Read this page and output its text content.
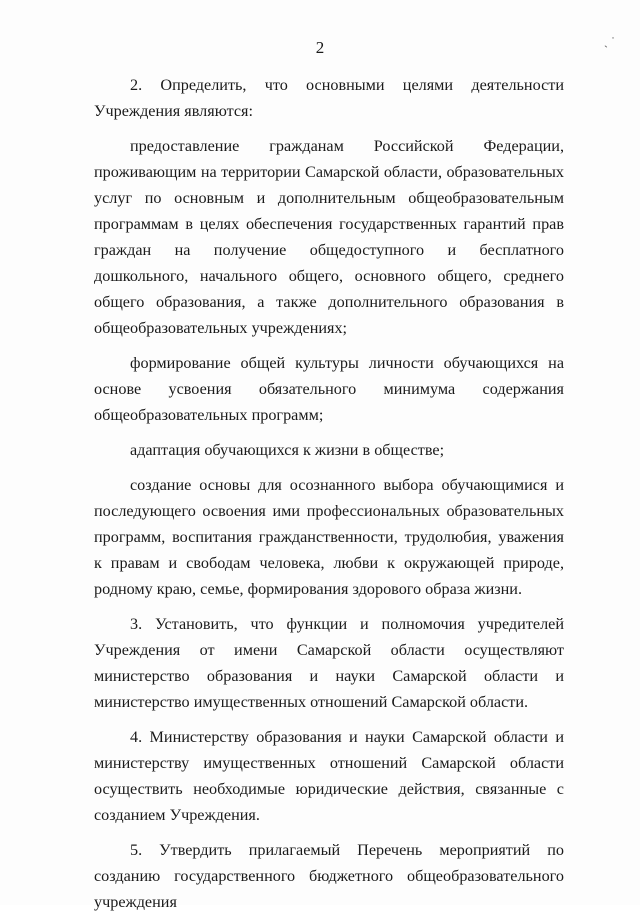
2	ˎ ˙

2. Определить, что основными целями деятельности Учреждения являются:

предоставление гражданам Российской Федерации, проживающим на территории Самарской области, образовательных услуг по основным и дополнительным общеобразовательным программам в целях обеспечения государственных гарантий прав граждан на получение общедоступного и бесплатного дошкольного, начального общего, основного общего, среднего общего образования, а также дополнительного образования в общеобразовательных учреждениях;

формирование общей культуры личности обучающихся на основе усвоения обязательного минимума содержания общеобразовательных программ;

адаптация обучающихся к жизни в обществе;

создание основы для осознанного выбора обучающимися и последующего освоения ими профессиональных образовательных программ, воспитания гражданственности, трудолюбия, уважения к правам и свободам человека, любви к окружающей природе, родному краю, семье, формирования здорового образа жизни.

3. Установить, что функции и полномочия учредителей Учреждения от имени Самарской области осуществляют министерство образования и науки Самарской области и министерство имущественных отношений Самарской области.

4. Министерству образования и науки Самарской области и министерству имущественных отношений Самарской области осуществить необходимые юридические действия, связанные с созданием Учреждения.

5. Утвердить прилагаемый Перечень мероприятий по созданию государственного бюджетного общеобразовательного учреждения
